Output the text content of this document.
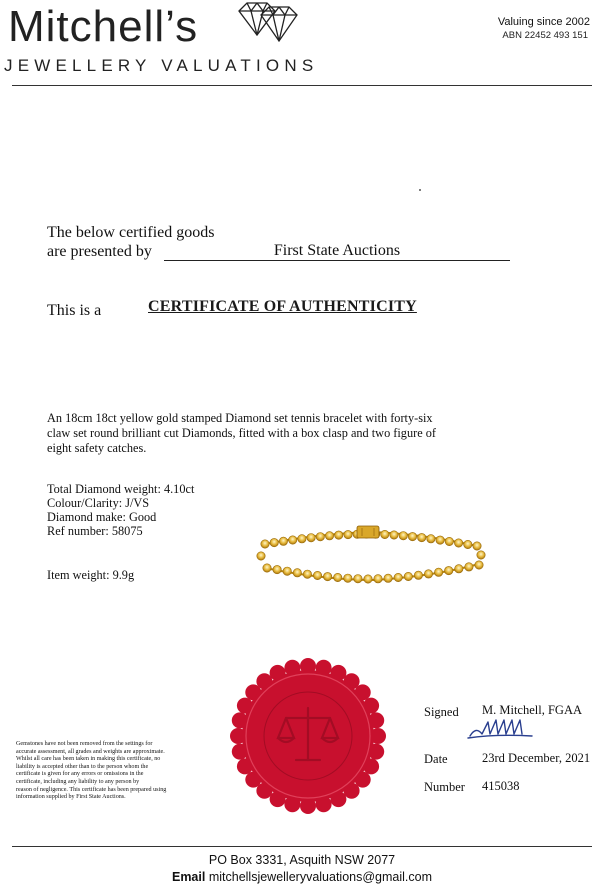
Mitchell’s
JEWELLERY VALUATIONS
Valuing since 2002
ABN 22452 493 151
The below certified goods
are presented by	First State Auctions
This is a	CERTIFICATE OF AUTHENTICITY
An 18cm 18ct yellow gold stamped Diamond set tennis bracelet with forty-six
claw set round brilliant cut Diamonds, fitted with a box clasp and two figure of
eight safety catches.
Total Diamond weight: 4.10ct
Colour/Clarity: J/VS
Diamond make: Good
Ref number: 58075
Item weight: 9.9g
Gemstones have not been removed from the settings for
accurate assessment, all grades and weights are approximate.
Whilst all care has been taken in making this certificate, no
liability is accepted other than to the person whom the
certificate is given for any errors or omissions in the
certificate, including any liability to any person by
reason of negligence. This certificate has been prepared using
information supplied by First State Auctions.
Signed M. Mitchell, FGAA
Date	23rd December, 2021
Number 415038
PO Box 3331, Asquith NSW 2077
Email mitchellsjewelleryvaluations@gmail.com
